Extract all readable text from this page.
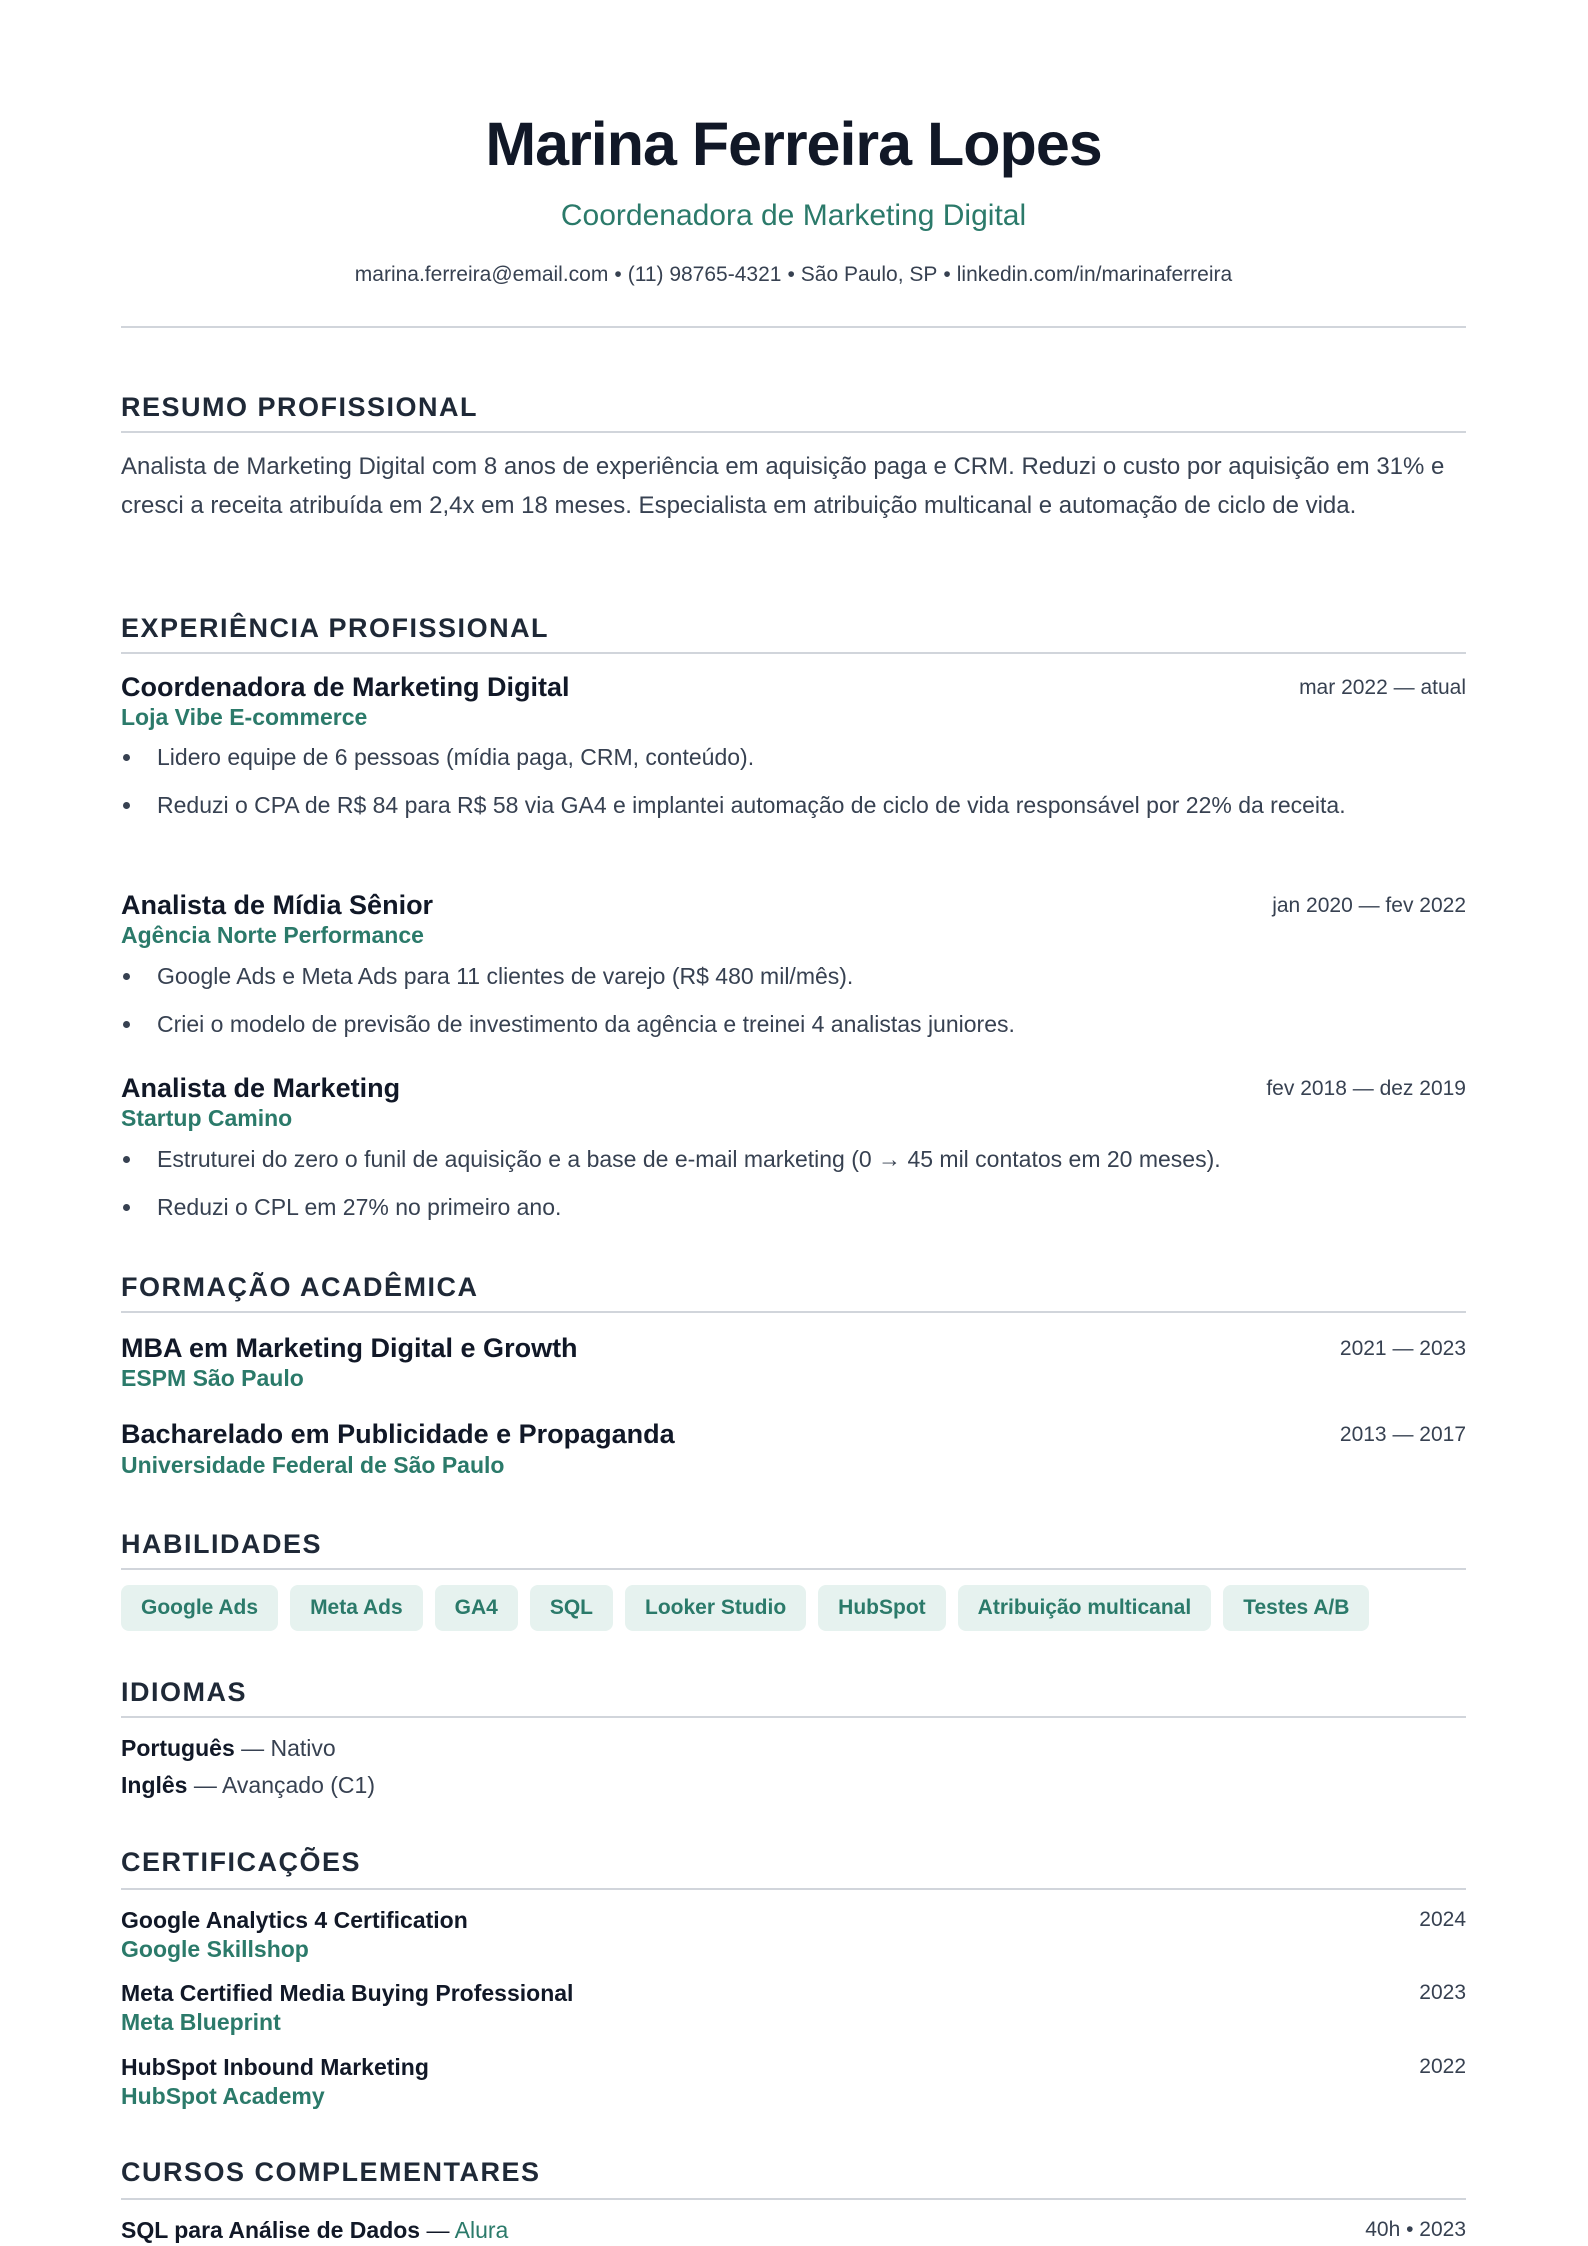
Marina Ferreira Lopes
Coordenadora de Marketing Digital
marina.ferreira@email.com • (11) 98765-4321 • São Paulo, SP • linkedin.com/in/marinaferreira
RESUMO PROFISSIONAL
Analista de Marketing Digital com 8 anos de experiência em aquisição paga e CRM. Reduzi o custo por aquisição em 31% e cresci a receita atribuída em 2,4x em 18 meses. Especialista em atribuição multicanal e automação de ciclo de vida.
EXPERIÊNCIA PROFISSIONAL
Coordenadora de Marketing Digital	mar 2022 — atual
Loja Vibe E-commerce
Lidero equipe de 6 pessoas (mídia paga, CRM, conteúdo).
Reduzi o CPA de R$ 84 para R$ 58 via GA4 e implantei automação de ciclo de vida responsável por 22% da receita.
Analista de Mídia Sênior	jan 2020 — fev 2022
Agência Norte Performance
Google Ads e Meta Ads para 11 clientes de varejo (R$ 480 mil/mês).
Criei o modelo de previsão de investimento da agência e treinei 4 analistas juniores.
Analista de Marketing	fev 2018 — dez 2019
Startup Camino
Estruturei do zero o funil de aquisição e a base de e-mail marketing (0 → 45 mil contatos em 20 meses).
Reduzi o CPL em 27% no primeiro ano.
FORMAÇÃO ACADÊMICA
MBA em Marketing Digital e Growth	2021 — 2023
ESPM São Paulo
Bacharelado em Publicidade e Propaganda	2013 — 2017
Universidade Federal de São Paulo
HABILIDADES
Google Ads	Meta Ads	GA4	SQL	Looker Studio	HubSpot	Atribuição multicanal	Testes A/B
IDIOMAS
Português — Nativo
Inglês — Avançado (C1)
CERTIFICAÇÕES
Google Analytics 4 Certification	2024
Google Skillshop
Meta Certified Media Buying Professional	2023
Meta Blueprint
HubSpot Inbound Marketing	2022
HubSpot Academy
CURSOS COMPLEMENTARES
SQL para Análise de Dados — Alura	40h • 2023
